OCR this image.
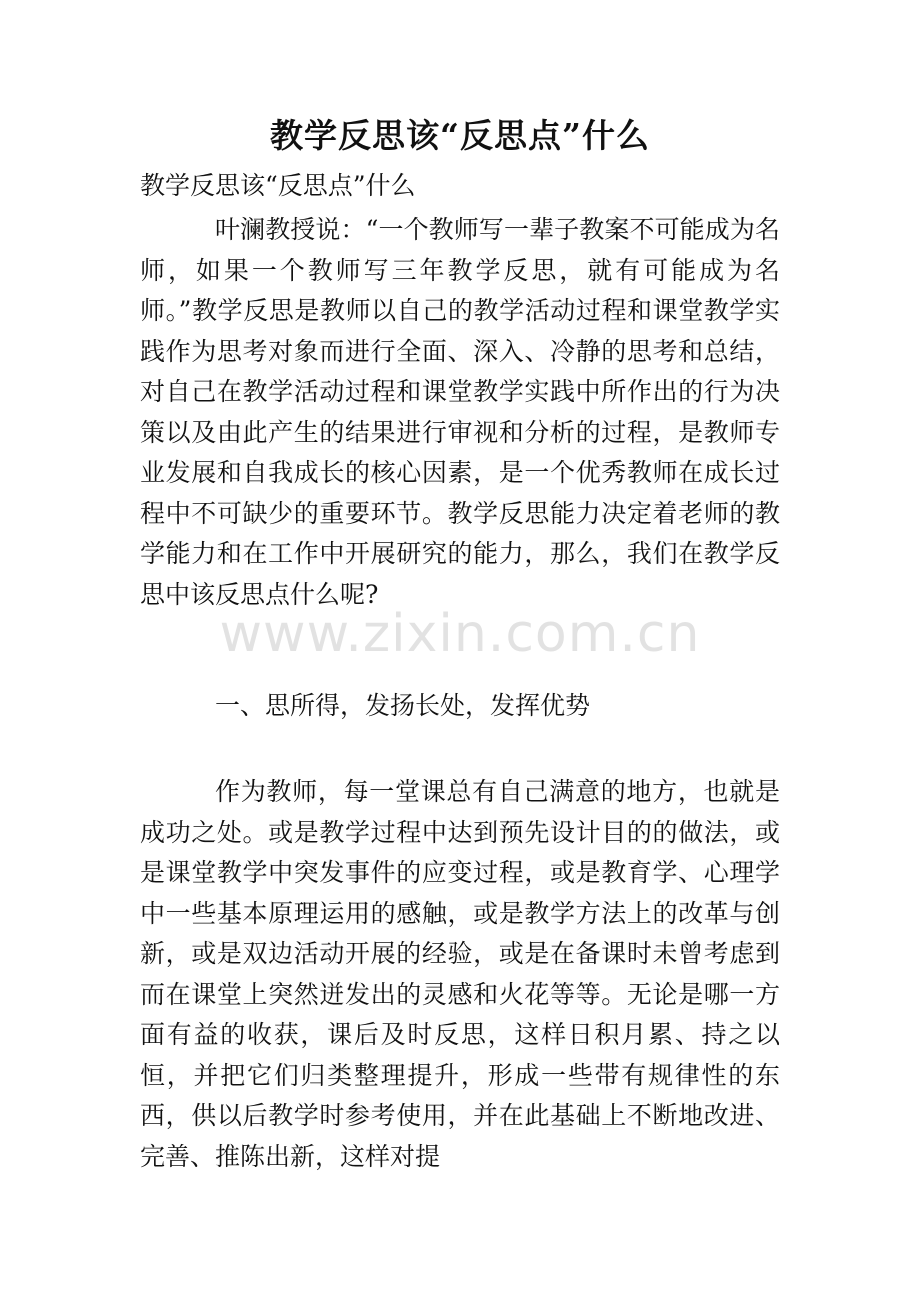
教学反思该“反思点”什么

教学反思该“反思点”什么

叶澜教授说：“一个教师写一辈子教案不可能成为名师，如果一个教师写三年教学反思，就有可能成为名师。”教学反思是教师以自己的教学活动过程和课堂教学实践作为思考对象而进行全面、深入、冷静的思考和总结，对自己在教学活动过程和课堂教学实践中所作出的行为决策以及由此产生的结果进行审视和分析的过程，是教师专业发展和自我成长的核心因素，是一个优秀教师在成长过程中不可缺少的重要环节。教学反思能力决定着老师的教学能力和在工作中开展研究的能力，那么，我们在教学反思中该反思点什么呢?

www.zixin.com.cn

一、思所得，发扬长处，发挥优势

作为教师，每一堂课总有自己满意的地方，也就是成功之处。或是教学过程中达到预先设计目的的做法，或是课堂教学中突发事件的应变过程，或是教育学、心理学中一些基本原理运用的感触，或是教学方法上的改革与创新，或是双边活动开展的经验，或是在备课时未曾考虑到而在课堂上突然迸发出的灵感和火花等等。无论是哪一方面有益的收获，课后及时反思，这样日积月累、持之以恒，并把它们归类整理提升，形成一些带有规律性的东西，供以后教学时参考使用，并在此基础上不断地改进、完善、推陈出新，这样对提
